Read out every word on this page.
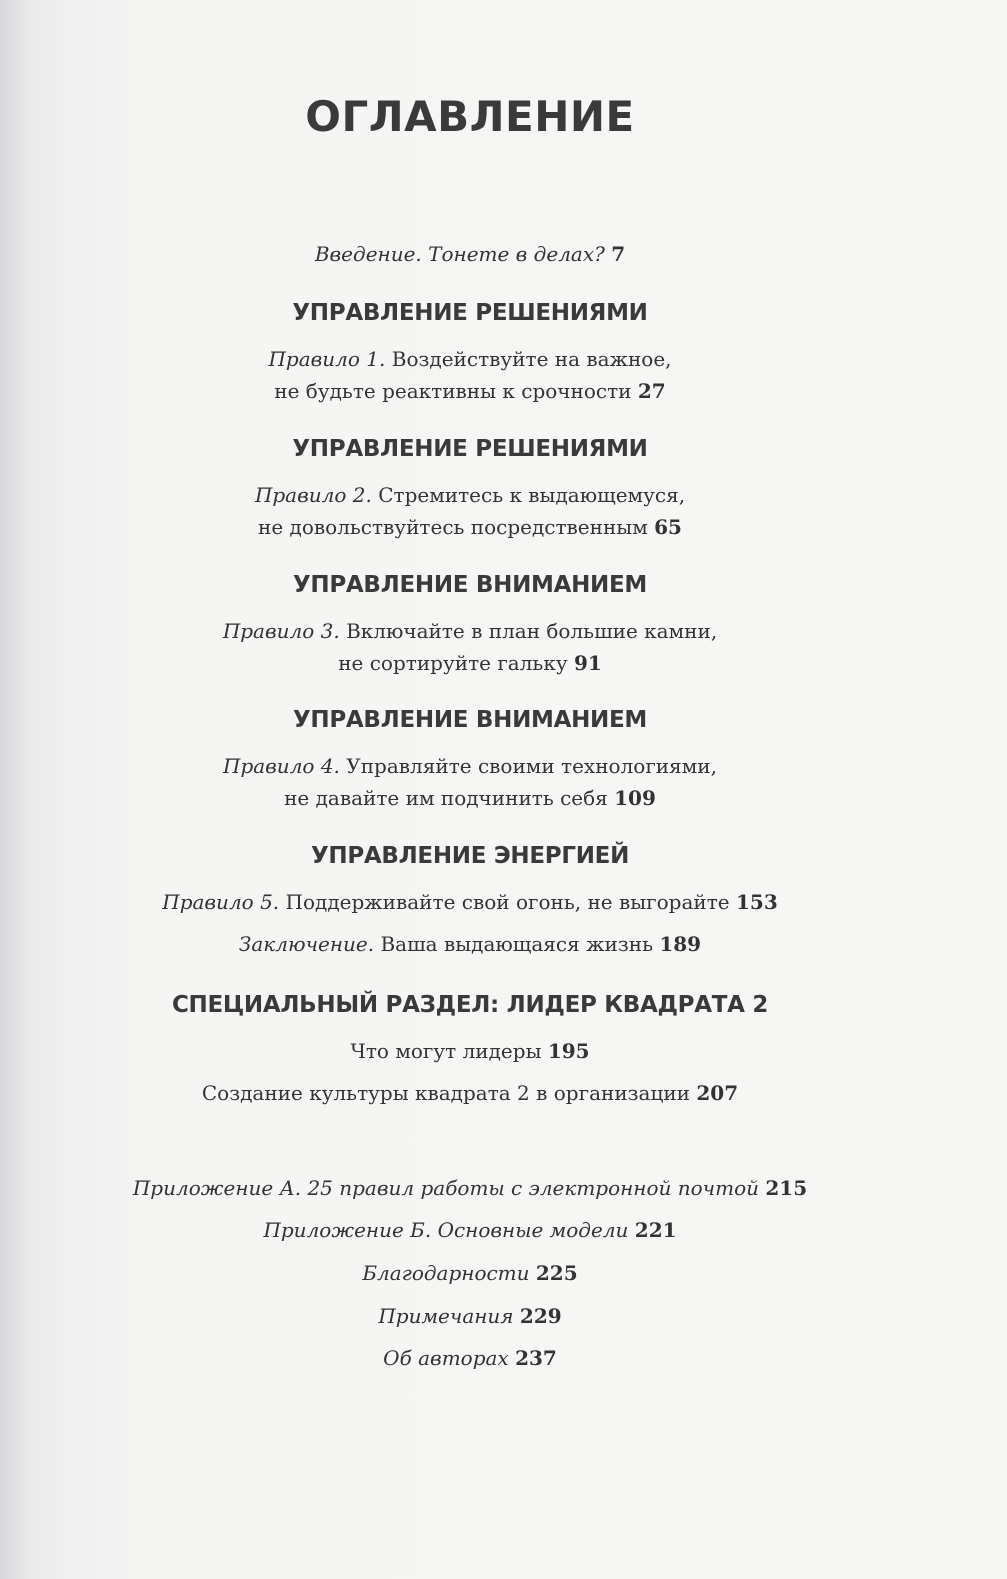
ОГЛАВЛЕНИЕ
Введение. Тонете в делах? 7
УПРАВЛЕНИЕ РЕШЕНИЯМИ
Правило 1. Воздействуйте на важное,
не будьте реактивны к срочности 27
УПРАВЛЕНИЕ РЕШЕНИЯМИ
Правило 2. Стремитесь к выдающемуся,
не довольствуйтесь посредственным 65
УПРАВЛЕНИЕ ВНИМАНИЕМ
Правило 3. Включайте в план большие камни,
не сортируйте гальку 91
УПРАВЛЕНИЕ ВНИМАНИЕМ
Правило 4. Управляйте своими технологиями,
не давайте им подчинить себя 109
УПРАВЛЕНИЕ ЭНЕРГИЕЙ
Правило 5. Поддерживайте свой огонь, не выгорайте 153
Заключение. Ваша выдающаяся жизнь 189
СПЕЦИАЛЬНЫЙ РАЗДЕЛ: ЛИДЕР КВАДРАТА 2
Что могут лидеры 195
Создание культуры квадрата 2 в организации 207
Приложение А. 25 правил работы с электронной почтой 215
Приложение Б. Основные модели 221
Благодарности 225
Примечания 229
Об авторах 237
